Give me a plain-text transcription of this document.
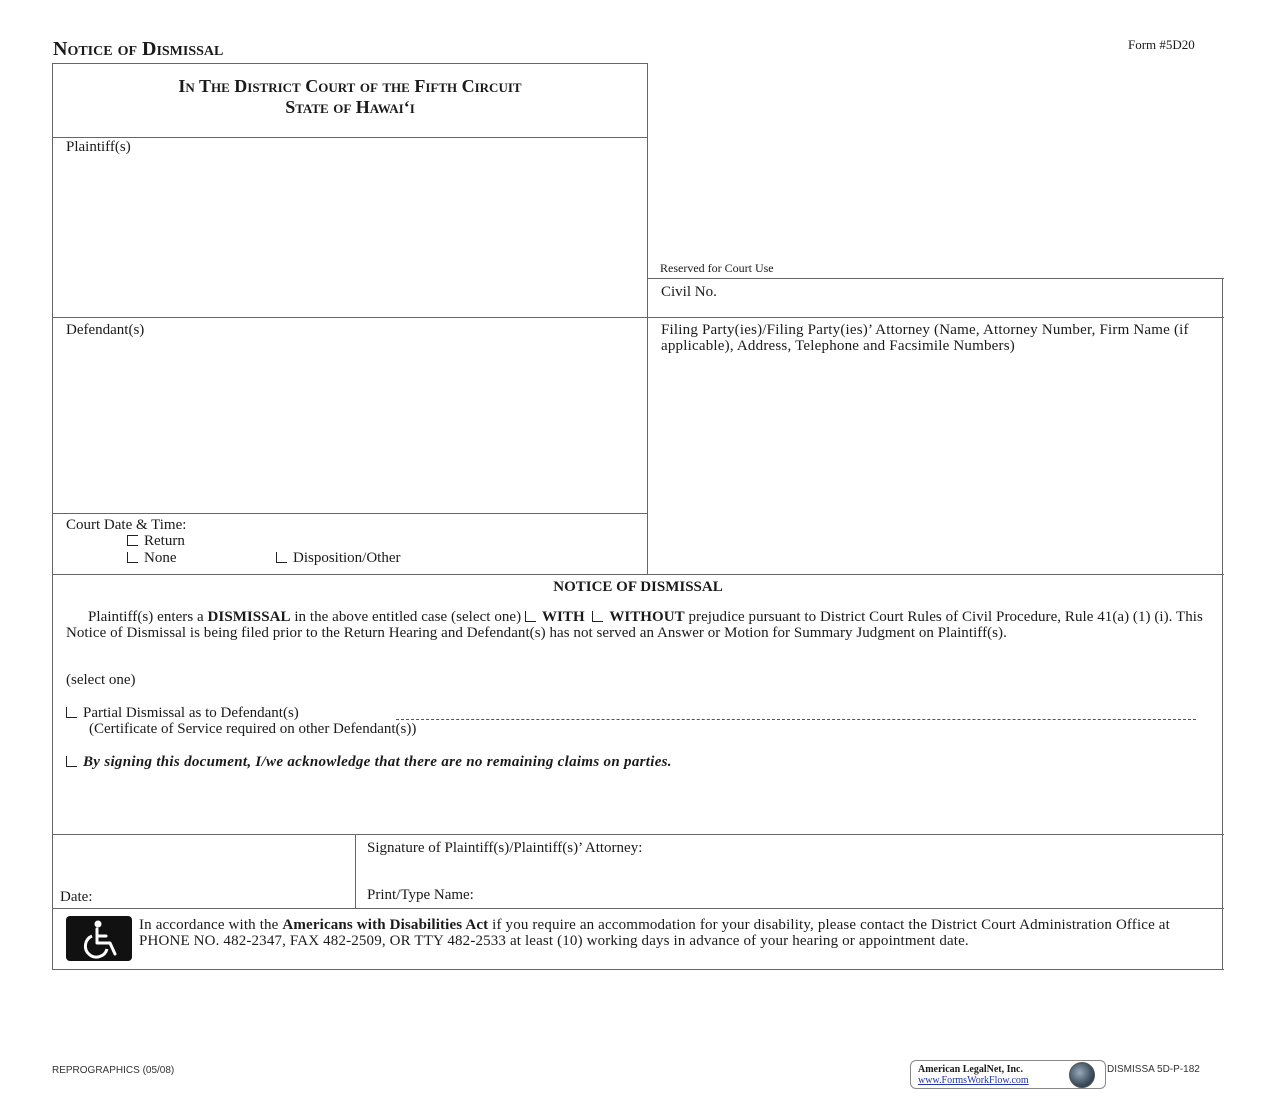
Notice of Dismissal	Form #5D20
In The District Court of the Fifth Circuit
State of Hawai‘i
Plaintiff(s)
Defendant(s)
Court Date & Time:
Return
None	Disposition/Other
Reserved for Court Use
Civil No.
Filing Party(ies)/Filing Party(ies)’ Attorney (Name, Attorney Number, Firm Name (if applicable), Address, Telephone and Facsimile Numbers)
NOTICE OF DISMISSAL
Plaintiff(s) enters a DISMISSAL in the above entitled case (select one) WITH WITHOUT prejudice pursuant to District Court Rules of Civil Procedure, Rule 41(a) (1) (i). This Notice of Dismissal is being filed prior to the Return Hearing and Defendant(s) has not served an Answer or Motion for Summary Judgment on Plaintiff(s).
(select one)
Partial Dismissal as to Defendant(s)
(Certificate of Service required on other Defendant(s))
By signing this document, I/we acknowledge that there are no remaining claims on parties.
Date:
Signature of Plaintiff(s)/Plaintiff(s)’ Attorney:
Print/Type Name:
In accordance with the Americans with Disabilities Act if you require an accommodation for your disability, please contact the District Court Administration Office at PHONE NO. 482-2347, FAX 482-2509, OR TTY 482-2533 at least (10) working days in advance of your hearing or appointment date.
REPROGRAPHICS (05/08)	American LegalNet, Inc.
www.FormsWorkFlow.com
DISMISSA 5D-P-182
